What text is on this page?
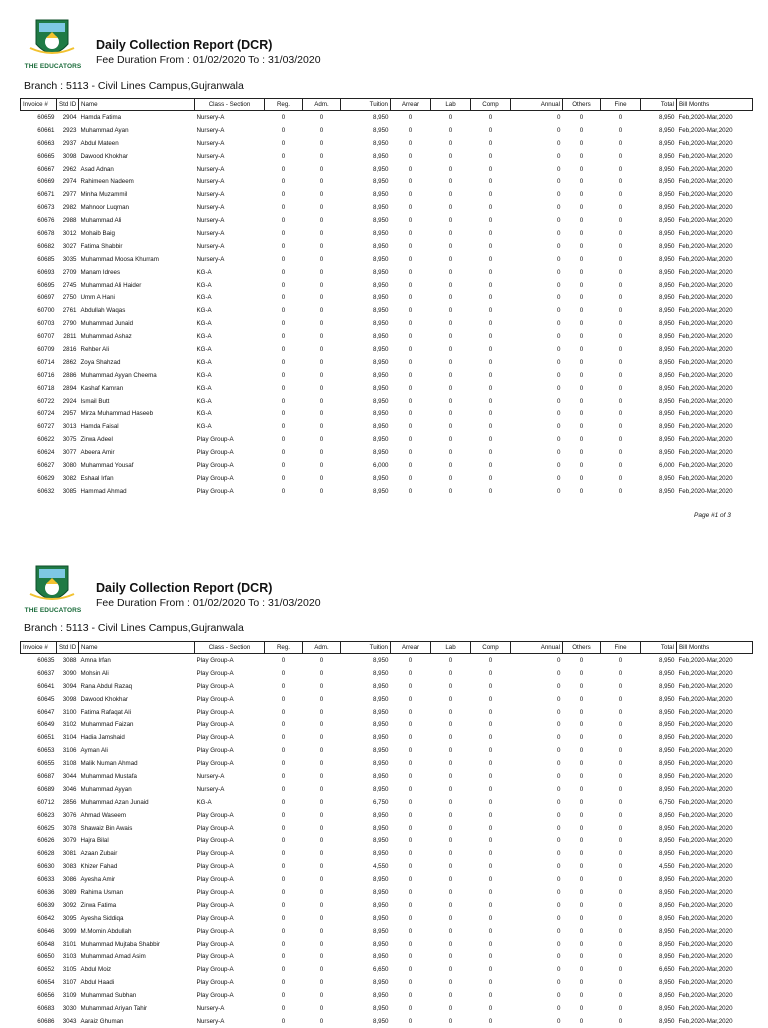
THE EDUCATORS
Daily Collection Report (DCR)
Fee Duration From : 01/02/2020 To : 31/03/2020
Branch : 5113 - Civil Lines Campus,Gujranwala
Invoice #	Std ID	Name	Class - Section	Reg.	Adm.	Tuition	Arrear	Lab	Comp	Annual	Others	Fine	Total	Bill Months
60659	2904	Hamda Fatima	Nursery-A	0	0	8,950	0	0	0	0	0	0	8,950	Feb,2020-Mar,2020
60661	2923	Muhammad Ayan	Nursery-A	0	0	8,950	0	0	0	0	0	0	8,950	Feb,2020-Mar,2020
60663	2937	Abdul Mateen	Nursery-A	0	0	8,950	0	0	0	0	0	0	8,950	Feb,2020-Mar,2020
60665	3098	Dawood Khokhar	Nursery-A	0	0	8,950	0	0	0	0	0	0	8,950	Feb,2020-Mar,2020
60667	2962	Asad Adnan	Nursery-A	0	0	8,950	0	0	0	0	0	0	8,950	Feb,2020-Mar,2020
60669	2974	Rahimeen Nadeem	Nursery-A	0	0	8,950	0	0	0	0	0	0	8,950	Feb,2020-Mar,2020
60671	2977	Minha Muzammil	Nursery-A	0	0	8,950	0	0	0	0	0	0	8,950	Feb,2020-Mar,2020
60673	2982	Mahnoor Luqman	Nursery-A	0	0	8,950	0	0	0	0	0	0	8,950	Feb,2020-Mar,2020
60676	2988	Muhammad Ali	Nursery-A	0	0	8,950	0	0	0	0	0	0	8,950	Feb,2020-Mar,2020
60678	3012	Mohaib Baig	Nursery-A	0	0	8,950	0	0	0	0	0	0	8,950	Feb,2020-Mar,2020
60682	3027	Fatima Shabbir	Nursery-A	0	0	8,950	0	0	0	0	0	0	8,950	Feb,2020-Mar,2020
60685	3035	Muhammad Moosa Khurram	Nursery-A	0	0	8,950	0	0	0	0	0	0	8,950	Feb,2020-Mar,2020
60693	2709	Manam Idrees	KG-A	0	0	8,950	0	0	0	0	0	0	8,950	Feb,2020-Mar,2020
60695	2745	Muhammad Ali Haider	KG-A	0	0	8,950	0	0	0	0	0	0	8,950	Feb,2020-Mar,2020
60697	2750	Umm A Hani	KG-A	0	0	8,950	0	0	0	0	0	0	8,950	Feb,2020-Mar,2020
60700	2761	Abdullah Waqas	KG-A	0	0	8,950	0	0	0	0	0	0	8,950	Feb,2020-Mar,2020
60703	2790	Muhammad Junaid	KG-A	0	0	8,950	0	0	0	0	0	0	8,950	Feb,2020-Mar,2020
60707	2811	Muhammad Ashaz	KG-A	0	0	8,950	0	0	0	0	0	0	8,950	Feb,2020-Mar,2020
60709	2816	Rehber Ali	KG-A	0	0	8,950	0	0	0	0	0	0	8,950	Feb,2020-Mar,2020
60714	2862	Zoya Shahzad	KG-A	0	0	8,950	0	0	0	0	0	0	8,950	Feb,2020-Mar,2020
60716	2886	Muhammad Ayyan Cheema	KG-A	0	0	8,950	0	0	0	0	0	0	8,950	Feb,2020-Mar,2020
60718	2894	Kashaf Kamran	KG-A	0	0	8,950	0	0	0	0	0	0	8,950	Feb,2020-Mar,2020
60722	2924	Ismail Butt	KG-A	0	0	8,950	0	0	0	0	0	0	8,950	Feb,2020-Mar,2020
60724	2957	Mirza Muhammad Haseeb	KG-A	0	0	8,950	0	0	0	0	0	0	8,950	Feb,2020-Mar,2020
60727	3013	Hamda Faisal	KG-A	0	0	8,950	0	0	0	0	0	0	8,950	Feb,2020-Mar,2020
60622	3075	Zirwa Adeel	Play Group-A	0	0	8,950	0	0	0	0	0	0	8,950	Feb,2020-Mar,2020
60624	3077	Abeera Amir	Play Group-A	0	0	8,950	0	0	0	0	0	0	8,950	Feb,2020-Mar,2020
60627	3080	Muhammad Yousaf	Play Group-A	0	0	6,000	0	0	0	0	0	0	6,000	Feb,2020-Mar,2020
60629	3082	Eshaal Irfan	Play Group-A	0	0	8,950	0	0	0	0	0	0	8,950	Feb,2020-Mar,2020
60632	3085	Hammad Ahmad	Play Group-A	0	0	8,950	0	0	0	0	0	0	8,950	Feb,2020-Mar,2020
Page #1 of 3
THE EDUCATORS
Daily Collection Report (DCR)
Fee Duration From : 01/02/2020 To : 31/03/2020
Branch : 5113 - Civil Lines Campus,Gujranwala
Invoice #	Std ID	Name	Class - Section	Reg.	Adm.	Tuition	Arrear	Lab	Comp	Annual	Others	Fine	Total	Bill Months
60635	3088	Amna Irfan	Play Group-A	0	0	8,950	0	0	0	0	0	0	8,950	Feb,2020-Mar,2020
60637	3090	Mohsin Ali	Play Group-A	0	0	8,950	0	0	0	0	0	0	8,950	Feb,2020-Mar,2020
60641	3094	Rana Abdul Razaq	Play Group-A	0	0	8,950	0	0	0	0	0	0	8,950	Feb,2020-Mar,2020
60645	3098	Dawood Khokhar	Play Group-A	0	0	8,950	0	0	0	0	0	0	8,950	Feb,2020-Mar,2020
60647	3100	Fatima Rafaqat Ali	Play Group-A	0	0	8,950	0	0	0	0	0	0	8,950	Feb,2020-Mar,2020
60649	3102	Muhammad Faizan	Play Group-A	0	0	8,950	0	0	0	0	0	0	8,950	Feb,2020-Mar,2020
60651	3104	Hadia Jamshaid	Play Group-A	0	0	8,950	0	0	0	0	0	0	8,950	Feb,2020-Mar,2020
60653	3106	Ayman Ali	Play Group-A	0	0	8,950	0	0	0	0	0	0	8,950	Feb,2020-Mar,2020
60655	3108	Malik Numan Ahmad	Play Group-A	0	0	8,950	0	0	0	0	0	0	8,950	Feb,2020-Mar,2020
60687	3044	Muhammad Mustafa	Nursery-A	0	0	8,950	0	0	0	0	0	0	8,950	Feb,2020-Mar,2020
60689	3046	Muhammad Ayyan	Nursery-A	0	0	8,950	0	0	0	0	0	0	8,950	Feb,2020-Mar,2020
60712	2856	Muhammad Azan Junaid	KG-A	0	0	6,750	0	0	0	0	0	0	6,750	Feb,2020-Mar,2020
60623	3076	Ahmad Waseem	Play Group-A	0	0	8,950	0	0	0	0	0	0	8,950	Feb,2020-Mar,2020
60625	3078	Shawaiz Bin Awais	Play Group-A	0	0	8,950	0	0	0	0	0	0	8,950	Feb,2020-Mar,2020
60626	3079	Hajra Bilal	Play Group-A	0	0	8,950	0	0	0	0	0	0	8,950	Feb,2020-Mar,2020
60628	3081	Azaan Zubair	Play Group-A	0	0	8,950	0	0	0	0	0	0	8,950	Feb,2020-Mar,2020
60630	3083	Khizer Fahad	Play Group-A	0	0	4,550	0	0	0	0	0	0	4,550	Feb,2020-Mar,2020
60633	3086	Ayesha Amir	Play Group-A	0	0	8,950	0	0	0	0	0	0	8,950	Feb,2020-Mar,2020
60636	3089	Rahima Usman	Play Group-A	0	0	8,950	0	0	0	0	0	0	8,950	Feb,2020-Mar,2020
60639	3092	Zirwa Fatima	Play Group-A	0	0	8,950	0	0	0	0	0	0	8,950	Feb,2020-Mar,2020
60642	3095	Ayesha Siddiqa	Play Group-A	0	0	8,950	0	0	0	0	0	0	8,950	Feb,2020-Mar,2020
60646	3099	M.Momin Abdullah	Play Group-A	0	0	8,950	0	0	0	0	0	0	8,950	Feb,2020-Mar,2020
60648	3101	Muhammad Mujtaba Shabbir	Play Group-A	0	0	8,950	0	0	0	0	0	0	8,950	Feb,2020-Mar,2020
60650	3103	Muhammad Amad Asim	Play Group-A	0	0	8,950	0	0	0	0	0	0	8,950	Feb,2020-Mar,2020
60652	3105	Abdul Moiz	Play Group-A	0	0	6,650	0	0	0	0	0	0	6,650	Feb,2020-Mar,2020
60654	3107	Abdul Haadi	Play Group-A	0	0	8,950	0	0	0	0	0	0	8,950	Feb,2020-Mar,2020
60656	3109	Muhammad Subhan	Play Group-A	0	0	8,950	0	0	0	0	0	0	8,950	Feb,2020-Mar,2020
60683	3030	Muhammad Ariyan Tahir	Nursery-A	0	0	8,950	0	0	0	0	0	0	8,950	Feb,2020-Mar,2020
60686	3043	Aaraiz Ghuman	Nursery-A	0	0	8,950	0	0	0	0	0	0	8,950	Feb,2020-Mar,2020
